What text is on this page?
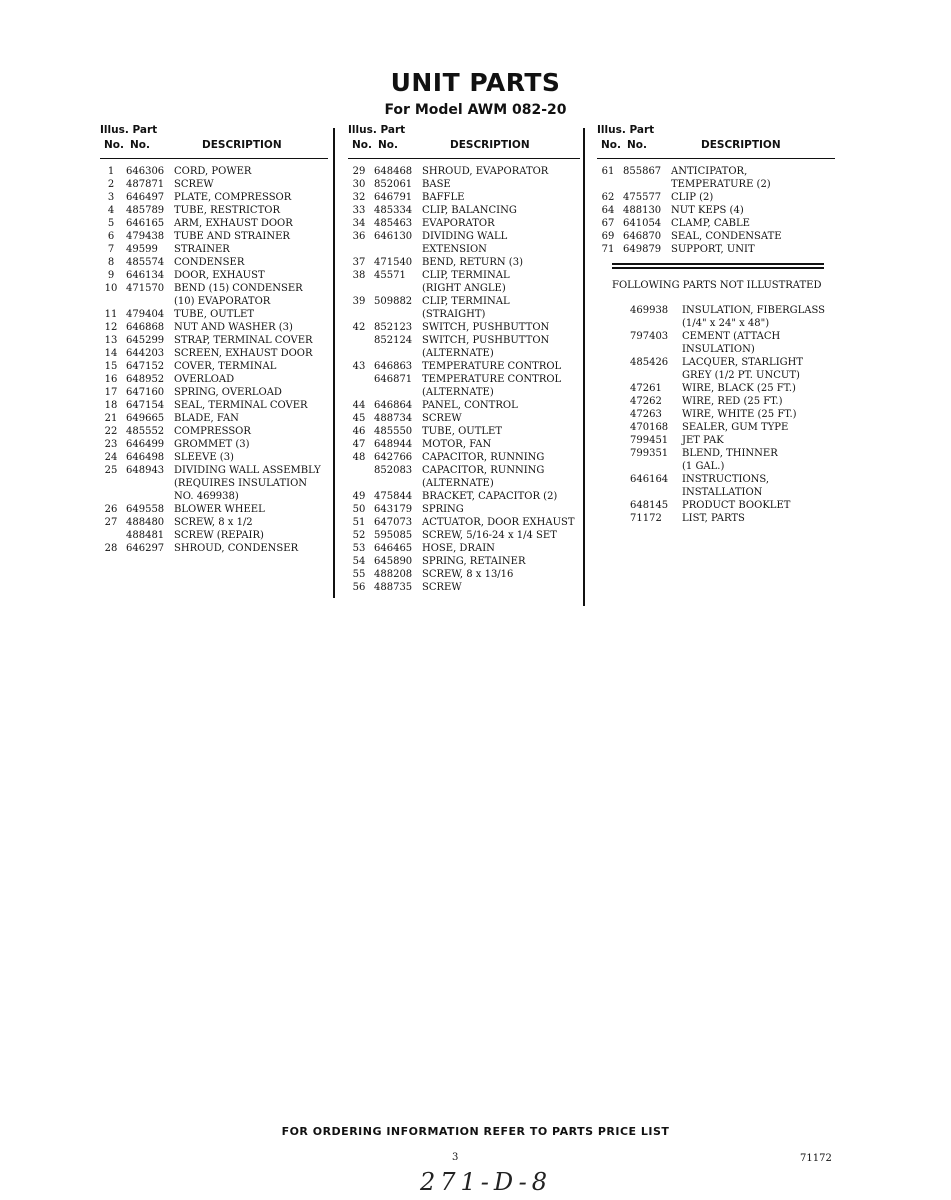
UNIT PARTS
For Model AWM 082-20
Illus. Part
No. No.	DESCRIPTION
1	646306 CORD, POWER
2	487871 SCREW
3	646497 PLATE, COMPRESSOR
4	485789 TUBE, RESTRICTOR
5	646165 ARM, EXHAUST DOOR
6	479438 TUBE AND STRAINER
7	49599	STRAINER
8	485574 CONDENSER
9	646134 DOOR, EXHAUST
10 471570 BEND (15) CONDENSER
(10) EVAPORATOR
11 479404 TUBE, OUTLET
12 646868 NUT AND WASHER (3)
13 645299 STRAP, TERMINAL COVER
14 644203 SCREEN, EXHAUST DOOR
15 647152 COVER, TERMINAL
16 648952 OVERLOAD
17 647160 SPRING, OVERLOAD
18 647154 SEAL, TERMINAL COVER
21 649665 BLADE, FAN
22 485552 COMPRESSOR
23 646499 GROMMET (3)
24 646498 SLEEVE (3)
25 648943 DIVIDING WALL ASSEMBLY
(REQUIRES INSULATION
NO. 469938)
26 649558 BLOWER WHEEL
27 488480 SCREW, 8 x 1/2
488481 SCREW (REPAIR)
28 646297 SHROUD, CONDENSER
Illus. Part
No. No.	DESCRIPTION
29 648468 SHROUD, EVAPORATOR
30 852061 BASE
32 646791 BAFFLE
33 485334 CLIP, BALANCING
34 485463 EVAPORATOR
36 646130 DIVIDING WALL
EXTENSION
37 471540 BEND, RETURN (3)
38 45571	CLIP, TERMINAL
(RIGHT ANGLE)
39 509882 CLIP, TERMINAL
(STRAIGHT)
42 852123 SWITCH, PUSHBUTTON
852124 SWITCH, PUSHBUTTON
(ALTERNATE)
43 646863 TEMPERATURE CONTROL
646871 TEMPERATURE CONTROL
(ALTERNATE)
44 646864 PANEL, CONTROL
45 488734 SCREW
46 485550 TUBE, OUTLET
47 648944 MOTOR, FAN
48 642766 CAPACITOR, RUNNING
852083 CAPACITOR, RUNNING
(ALTERNATE)
49 475844 BRACKET, CAPACITOR (2)
50 643179 SPRING
51 647073 ACTUATOR, DOOR EXHAUST
52 595085 SCREW, 5/16-24 x 1/4 SET
53 646465 HOSE, DRAIN
54 645890 SPRING, RETAINER
55 488208 SCREW, 8 x 13/16
56 488735 SCREW
Illus. Part
No. No.	DESCRIPTION
61 855867 ANTICIPATOR,
TEMPERATURE (2)
62 475577 CLIP (2)
64 488130 NUT KEPS (4)
67 641054 CLAMP, CABLE
69 646870 SEAL, CONDENSATE
71 649879 SUPPORT, UNIT
FOLLOWING PARTS NOT ILLUSTRATED
469938	INSULATION, FIBERGLASS
(1/4" x 24" x 48")
797403	CEMENT (ATTACH
INSULATION)
485426	LACQUER, STARLIGHT
GREY (1/2 PT. UNCUT)
47261	WIRE, BLACK (25 FT.)
47262	WIRE, RED (25 FT.)
47263	WIRE, WHITE (25 FT.)
470168	SEALER, GUM TYPE
799451	JET PAK
799351	BLEND, THINNER
(1 GAL.)
646164	INSTRUCTIONS,
INSTALLATION
648145	PRODUCT BOOKLET
71172	LIST, PARTS
FOR ORDERING INFORMATION REFER TO PARTS PRICE LIST
3	71172
271-D-8
